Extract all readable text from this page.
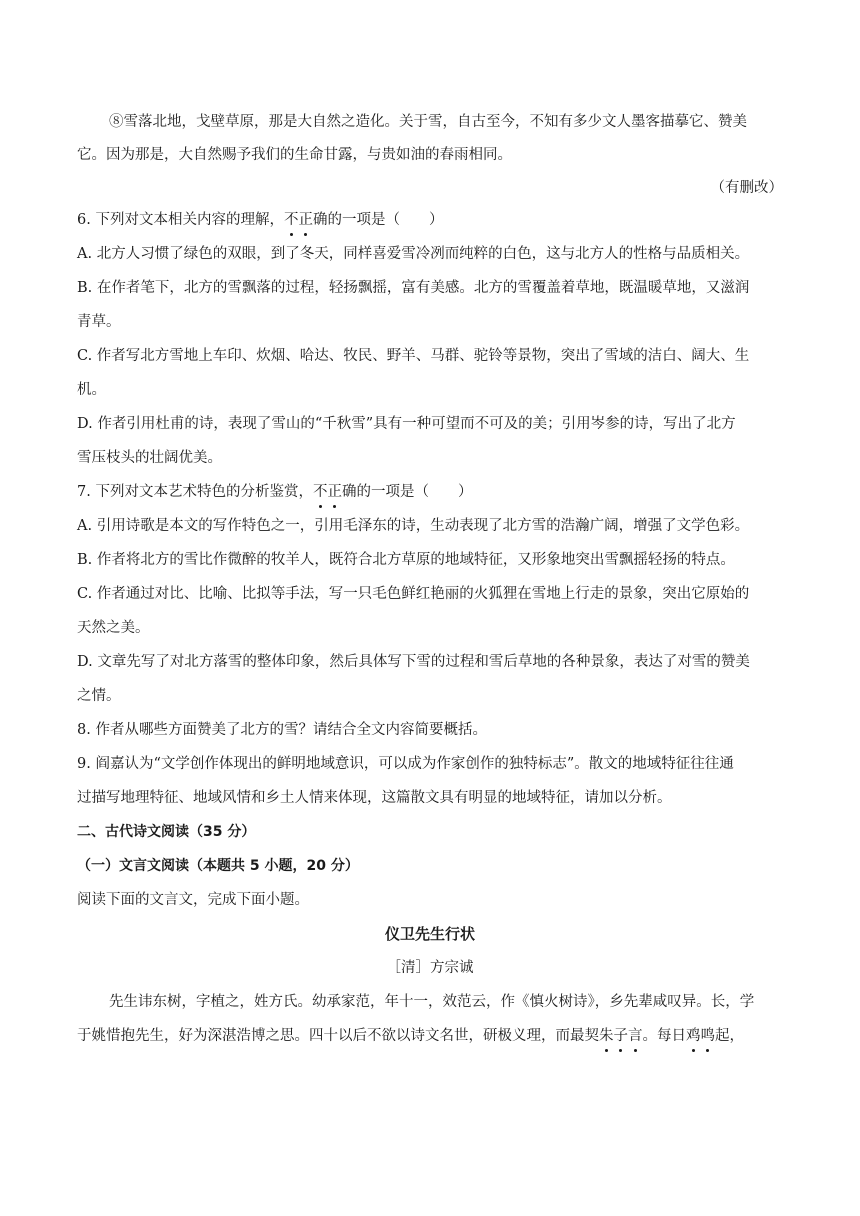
⑧雪落北地，戈壁草原，那是大自然之造化。关于雪，自古至今，不知有多少文人墨客描摹它、赞美
它。因为那是，大自然赐予我们的生命甘露，与贵如油的春雨相同。
（有删改）
6. 下列对文本相关内容的理解，不正确的一项是（　　）
A. 北方人习惯了绿色的双眼，到了冬天，同样喜爱雪冷冽而纯粹的白色，这与北方人的性格与品质相关。
B. 在作者笔下，北方的雪飘落的过程，轻扬飘摇，富有美感。北方的雪覆盖着草地，既温暖草地，又滋润
青草。
C. 作者写北方雪地上车印、炊烟、哈达、牧民、野羊、马群、驼铃等景物，突出了雪域的洁白、阔大、生
机。
D. 作者引用杜甫的诗，表现了雪山的“千秋雪”具有一种可望而不可及的美；引用岑参的诗，写出了北方
雪压枝头的壮阔优美。
7. 下列对文本艺术特色的分析鉴赏，不正确的一项是（　　）
A. 引用诗歌是本文的写作特色之一，引用毛泽东的诗，生动表现了北方雪的浩瀚广阔，增强了文学色彩。
B. 作者将北方的雪比作微醉的牧羊人，既符合北方草原的地域特征，又形象地突出雪飘摇轻扬的特点。
C. 作者通过对比、比喻、比拟等手法，写一只毛色鲜红艳丽的火狐狸在雪地上行走的景象，突出它原始的
天然之美。
D. 文章先写了对北方落雪的整体印象，然后具体写下雪的过程和雪后草地的各种景象，表达了对雪的赞美
之情。
8. 作者从哪些方面赞美了北方的雪？请结合全文内容简要概括。
9. 阎嘉认为“文学创作体现出的鲜明地域意识，可以成为作家创作的独特标志”。散文的地域特征往往通
过描写地理特征、地域风情和乡土人情来体现，这篇散文具有明显的地域特征，请加以分析。
二、古代诗文阅读（35 分）
（一）文言文阅读（本题共 5 小题，20 分）
阅读下面的文言文，完成下面小题。
仪卫先生行状
［清］方宗诚
先生讳东树，字植之，姓方氏。幼承家范，年十一，效范云，作《慎火树诗》，乡先辈咸叹异。长，学
于姚惜抱先生，好为深湛浩博之思。四十以后不欲以诗文名世，研极义理，而最契朱子言。每日鸡鸣起，
